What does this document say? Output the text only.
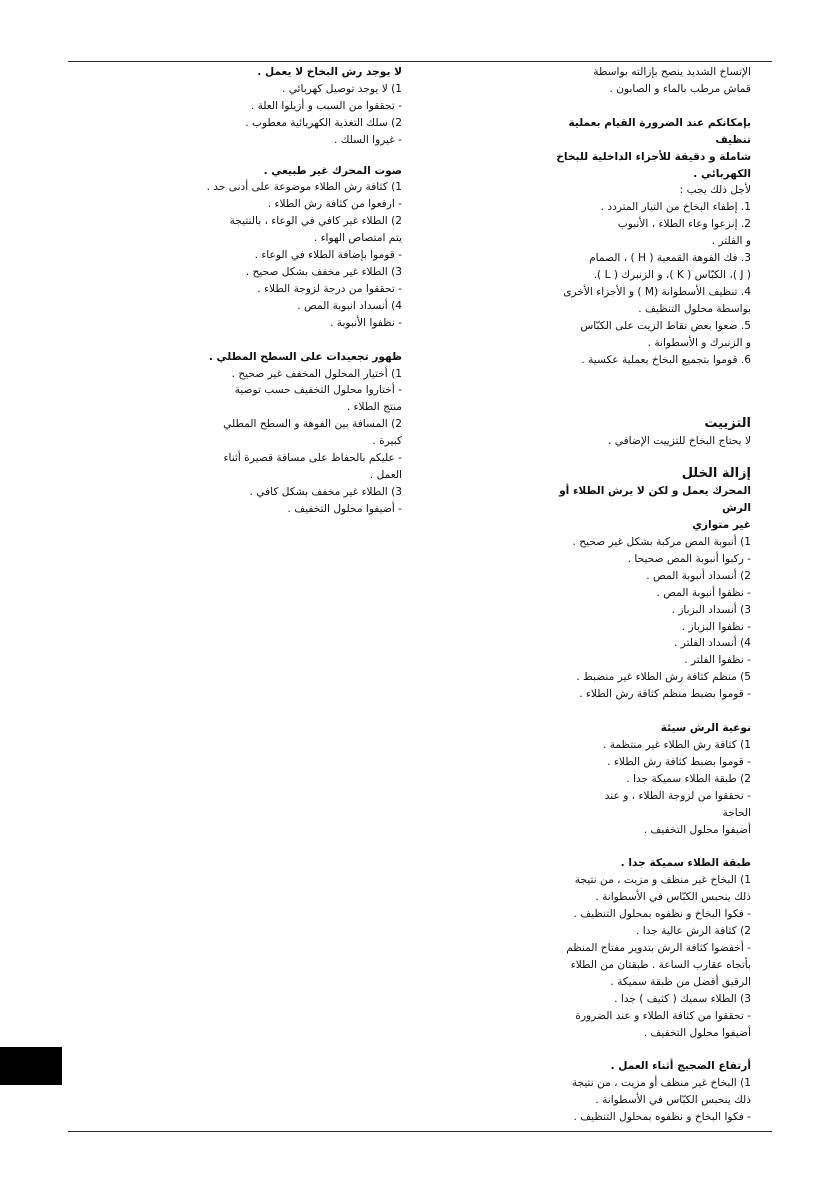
الإتساخ الشديد ينصح بإزالته بواسطة

قماش مرطب بالماء و الصابون .

بإمكانكم عند الضرورة القيام بعملية تنظيف
شاملة و دقيقة للأجزاء الداخلية للبخاخ
الكهربائي .

لأجل ذلك يجب :

1. إطفاء البخاخ من التيار المتردد .

2. إنزعوا وعاء الطلاء ، الأنبوب

و الفلتر .

3. فك الفوهة القمعية ( H ) ، الصمام

( J )، الكبّاس ( K )، و الزنبرك ( L ).

4. تنظيف الأسطوانة (M ) و الأجزاء الأخرى

بواسطة محلول التنظيف .

5. ضعوا بعض نقاط الزيت على الكبّاس

و الزنبرك و الأسطوانة .

6. قوموا بتجميع البخاخ بعملية عكسية .

التزييت

لا يحتاج البخاخ للتزييت الإضافي .

إزالة الخلل
المحرك يعمل و لكن لا يرش الطلاء أو الرش
غير متوازي

1) أنبوبة المص مركبة بشكل غير صحيح .

- ركبوا أنبوبة المص صحيحا .

2) أنسداد أنبوبة المص .

- نظفوا أنبوبة المص .

3) أنسداد البزباز .

- نظفوا البزباز .

4) أنسداد الفلتر .

- نظفوا الفلتر .

5) منظم كثافة رش الطلاء غير منضبط .

- قوموا بضبط منظم كثافة رش الطلاء .

نوعية الرش سيئة

1) كثافة رش الطلاء غير منتظمة .

- قوموا بضبط كثافة رش الطلاء .

2) طبقة الطلاء سميكة جدا .

- تحققوا من لزوجة الطلاء ، و عند

الحاجة

أضيفوا محلول التخفيف .

طبقة الطلاء سميكة جدا .

1) البخاخ غير منظف و مزيت ، من نتيجة

ذلك ينحبس الكبّاس في الأسطوانة .

- فكوا البخاخ و نظفوه بمحلول التنظيف .

2) كثافة الرش عالية جدا .

- أخفضوا كثافة الرش بتدوير مفتاح المنظم

بأتجاه عقارب الساعة . طبقتان من الطلاء

الرقيق أفضل من طبقة سميكة .

3) الطلاء سميك ( كثيف ) جدا .

- تحققوا من كثافة الطلاء و عند الضرورة

أضيفوا محلول التخفيف .

أرتفاع الضجيج أثناء العمل .

1) البخاخ غير منظف أو مزيت ، من نتيجة

ذلك ينحبس الكبّاس في الأسطوانة .

- فكوا البخاخ و نظفوه بمحلول التنظيف .

لا يوجد رش البخاخ لا يعمل .

1) لا يوجد توصيل كهربائي .

- تحققوا من السبب و أزيلوا العلة .

2) سلك التغذية الكهربائية معطوب .

- غيروا السلك .

صوت المحرك غير طبيعي .

1) كثافة رش الطلاء موضوعة على أدنى حد .

- ارفعوا من كثافة رش الطلاء .

2) الطلاء غير كافي في الوعاء ، بالنتيجة

يتم امتصاص الهواء .

- قوموا بإضافة الطلاء في الوعاء .

3) الطلاء غير مخفف بشكل صحيح .

- تحققوا من درجة لزوجة الطلاء .

4) أنسداد انبوبة المص .

- نظفوا الأنبوبة .

ظهور تجعيدات على السطح المطلي .

1) أختيار المحلول المخفف غير صحيح .

- أختاروا محلول التخفيف حسب توصية

منتج الطلاء .

2) المسافة بين الفوهة و السطح المطلي

كبيرة .

- عليكم بالحفاظ على مسافة قصيرة أثناء

العمل .

3) الطلاء غير مخفف بشكل كافي .

- أضيفوا محلول التخفيف .
